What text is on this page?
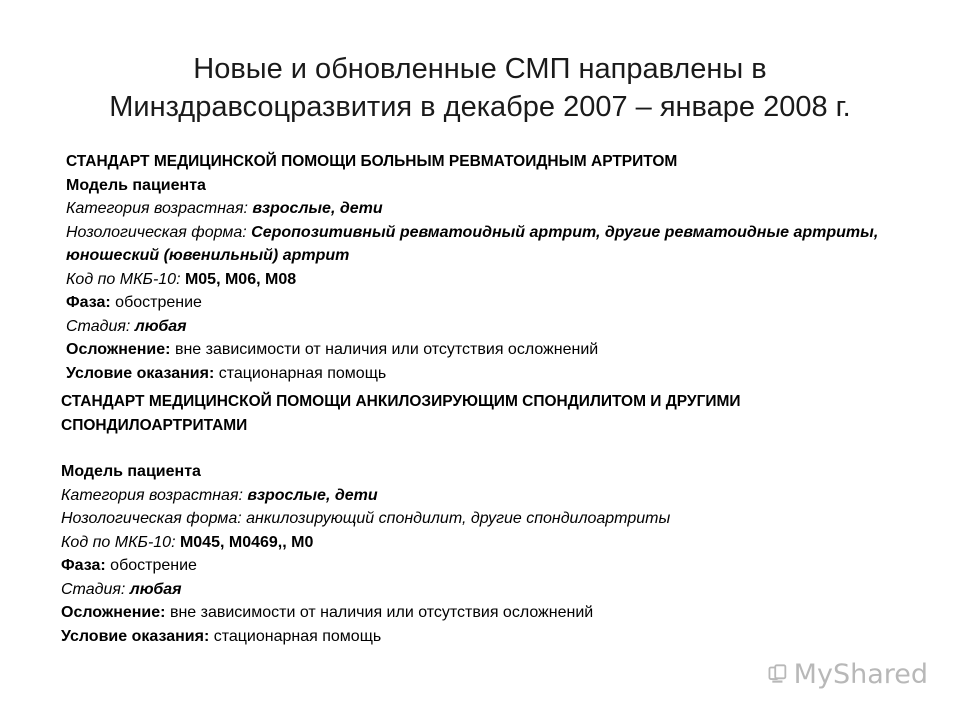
Новые и обновленные СМП направлены в Минздравсоцразвития в декабре 2007 – январе 2008 г.
СТАНДАРТ МЕДИЦИНСКОЙ ПОМОЩИ БОЛЬНЫМ РЕВМАТОИДНЫМ АРТРИТОМ
Модель пациента
Категория возрастная: взрослые, дети
Нозологическая форма: Серопозитивный ревматоидный артрит, другие ревматоидные артриты, юношеский (ювенильный) артрит
Код по МКБ-10: M05, M06, M08
Фаза: обострение
Стадия: любая
Осложнение: вне зависимости от наличия или отсутствия осложнений
Условие оказания: стационарная помощь
СТАНДАРТ МЕДИЦИНСКОЙ ПОМОЩИ АНКИЛОЗИРУЮЩИМ СПОНДИЛИТОМ И ДРУГИМИ СПОНДИЛОАРТРИТАМИ
Модель пациента
Категория возрастная: взрослые, дети
Нозологическая форма: анкилозирующий спондилит, другие спондилоартриты
Код по МКБ-10: M045, M0469,, M0
Фаза: обострение
Стадия: любая
Осложнение: вне зависимости от наличия или отсутствия осложнений
Условие оказания: стационарная помощь
MyShared
